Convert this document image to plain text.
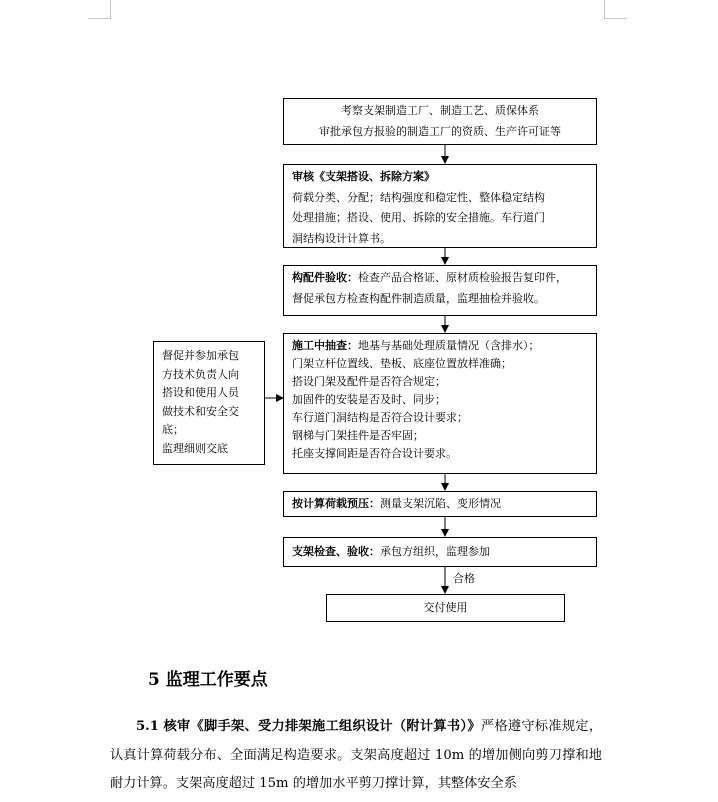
考察支架制造工厂、制造工艺、质保体系
审批承包方报验的制造工厂的资质、生产许可证等
审核《支架搭设、拆除方案》
荷载分类、分配；结构强度和稳定性、整体稳定结构
处理措施；搭设、使用、拆除的安全措施。车行道门
洞结构设计计算书。
构配件验收：检查产品合格证、原材质检验报告复印件，
督促承包方检查构配件制造质量，监理抽检并验收。
施工中抽查：地基与基础处理质量情况（含排水）；
门架立杆位置线、垫板、底座位置放样准确；
搭设门架及配件是否符合规定；
加固件的安装是否及时、同步；
车行道门洞结构是否符合设计要求；
钢梯与门架挂件是否牢固；
托座支撑间距是否符合设计要求。
督促并参加承包
方技术负责人向
搭设和使用人员
做技术和安全交
底；
监理细则交底
按计算荷载预压：测量支架沉陷、变形情况
支架检查、验收：承包方组织，监理参加
合格
交付使用
5 监理工作要点
5.1 核审《脚手架、受力排架施工组织设计（附计算书）》严格遵守标准规定，认真计算荷载分布、全面满足构造要求。支架高度超过 10m 的增加侧向剪刀撑和地耐力计算。支架高度超过 15m 的增加水平剪刀撑计算，其整体安全系
